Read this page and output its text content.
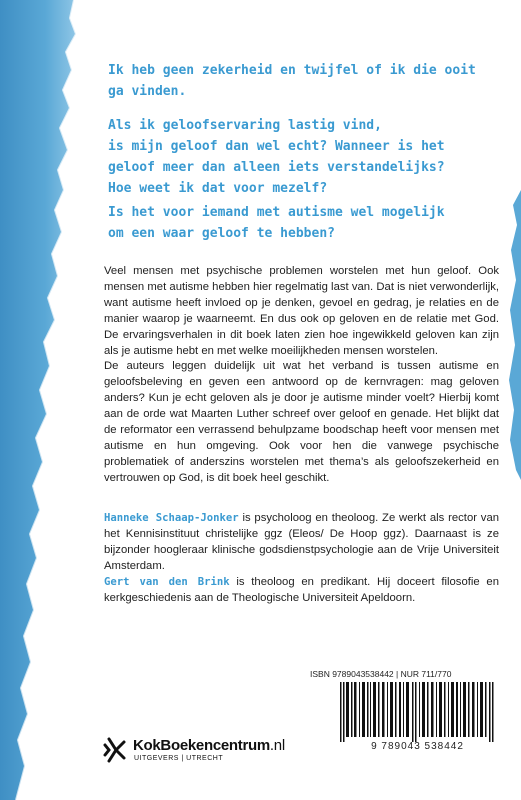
Ik heb geen zekerheid en twijfel of ik die ooit
ga vinden.

Als ik geloofservaring lastig vind,
is mijn geloof dan wel echt? Wanneer is het
geloof meer dan alleen iets verstandelijks?
Hoe weet ik dat voor mezelf?

Is het voor iemand met autisme wel mogelijk
om een waar geloof te hebben?

Veel mensen met psychische problemen worstelen met hun geloof. Ook mensen met autisme hebben hier regelmatig last van. Dat is niet verwonderlijk, want autisme heeft invloed op je denken, gevoel en gedrag, je relaties en de manier waarop je waarneemt. En dus ook op geloven en de relatie met God. De ervaringsverhalen in dit boek laten zien hoe ingewikkeld geloven kan zijn als je autisme hebt en met welke moeilijkheden mensen worstelen.

De auteurs leggen duidelijk uit wat het verband is tussen autisme en geloofsbeleving en geven een antwoord op de kernvragen: mag geloven anders? Kun je echt geloven als je door je autisme minder voelt? Hierbij komt aan de orde wat Maarten Luther schreef over geloof en genade. Het blijkt dat de reformator een verrassend behulpzame boodschap heeft voor mensen met autisme en hun omgeving. Ook voor hen die vanwege psychische problematiek of anderszins worstelen met thema’s als geloofszekerheid en vertrouwen op God, is dit boek heel geschikt.

Hanneke Schaap-Jonker is psycholoog en theoloog. Ze werkt als rector van het Kennisinstituut christelijke ggz (Eleos/ De Hoop ggz). Daarnaast is ze bijzonder hoogleraar klinische godsdienstpsychologie aan de Vrije Universiteit Amsterdam.

Gert van den Brink is theoloog en predikant. Hij doceert filosofie en kerkgeschiedenis aan de Theologische Universiteit Apeldoorn.

ISBN 9789043538442 | NUR 711/770
9 789043 538442
KokBoekencentrum.nl
UITGEVERS | UTRECHT
